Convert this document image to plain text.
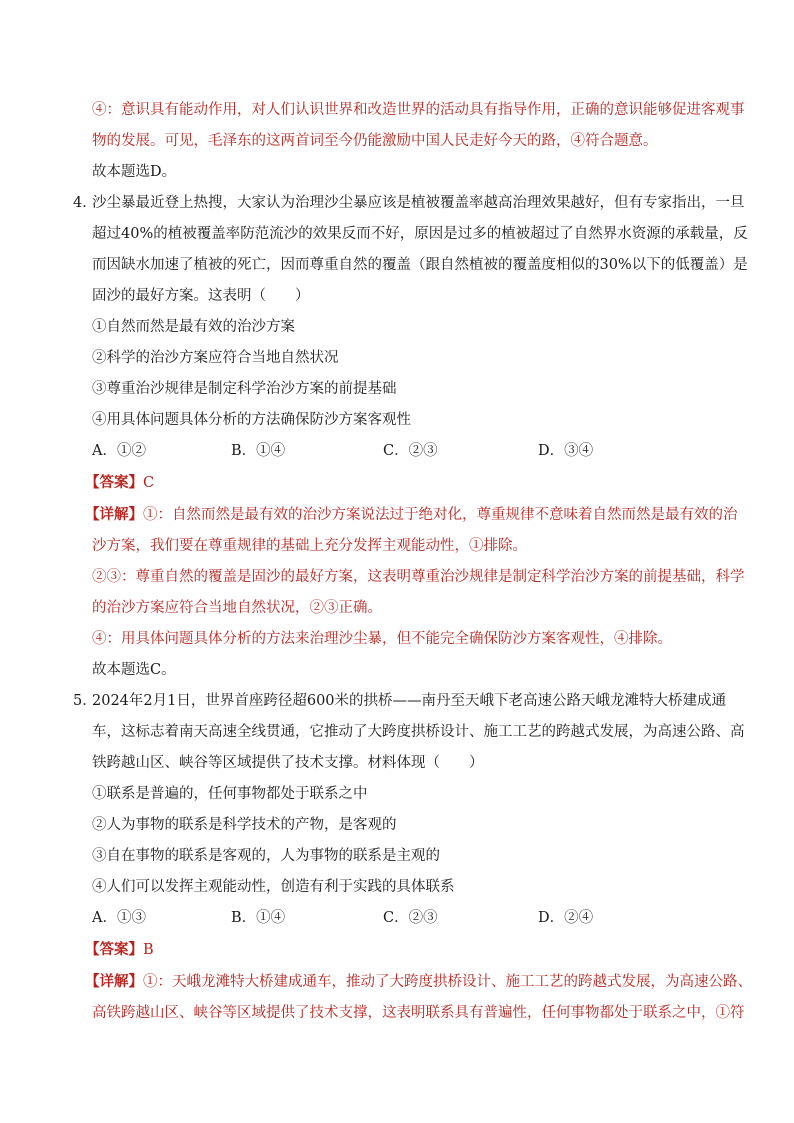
④：意识具有能动作用，对人们认识世界和改造世界的活动具有指导作用，正确的意识能够促进客观事
物的发展。可见，毛泽东的这两首词至今仍能激励中国人民走好今天的路，④符合题意。
故本题选D。
4．
沙尘暴最近登上热搜，大家认为治理沙尘暴应该是植被覆盖率越高治理效果越好，但有专家指出，一旦
超过40%的植被覆盖率防范流沙的效果反而不好，原因是过多的植被超过了自然界水资源的承载量，反
而因缺水加速了植被的死亡，因而尊重自然的覆盖（跟自然植被的覆盖度相似的30%以下的低覆盖）是
固沙的最好方案。这表明（　　）
①自然而然是最有效的治沙方案
②科学的治沙方案应符合当地自然状况
③尊重治沙规律是制定科学治沙方案的前提基础
④用具体问题具体分析的方法确保防沙方案客观性
A．①②	B．①④	C．②③	D．③④
【答案】C
【详解】①：自然而然是最有效的治沙方案说法过于绝对化，尊重规律不意味着自然而然是最有效的治
沙方案，我们要在尊重规律的基础上充分发挥主观能动性，①排除。
②③：尊重自然的覆盖是固沙的最好方案，这表明尊重治沙规律是制定科学治沙方案的前提基础，科学
的治沙方案应符合当地自然状况，②③正确。
④：用具体问题具体分析的方法来治理沙尘暴，但不能完全确保防沙方案客观性，④排除。
故本题选C。
5．
2024年2月1日，世界首座跨径超600米的拱桥——南丹至天峨下老高速公路天峨龙滩特大桥建成通
车，这标志着南天高速全线贯通，它推动了大跨度拱桥设计、施工工艺的跨越式发展，为高速公路、高
铁跨越山区、峡谷等区域提供了技术支撑。材料体现（　　）
①联系是普遍的，任何事物都处于联系之中
②人为事物的联系是科学技术的产物，是客观的
③自在事物的联系是客观的，人为事物的联系是主观的
④人们可以发挥主观能动性，创造有利于实践的具体联系
A．①③	B．①④	C．②③	D．②④
【答案】B
【详解】①：天峨龙滩特大桥建成通车，推动了大跨度拱桥设计、施工工艺的跨越式发展，为高速公路、
高铁跨越山区、峡谷等区域提供了技术支撑，这表明联系具有普遍性，任何事物都处于联系之中，①符
